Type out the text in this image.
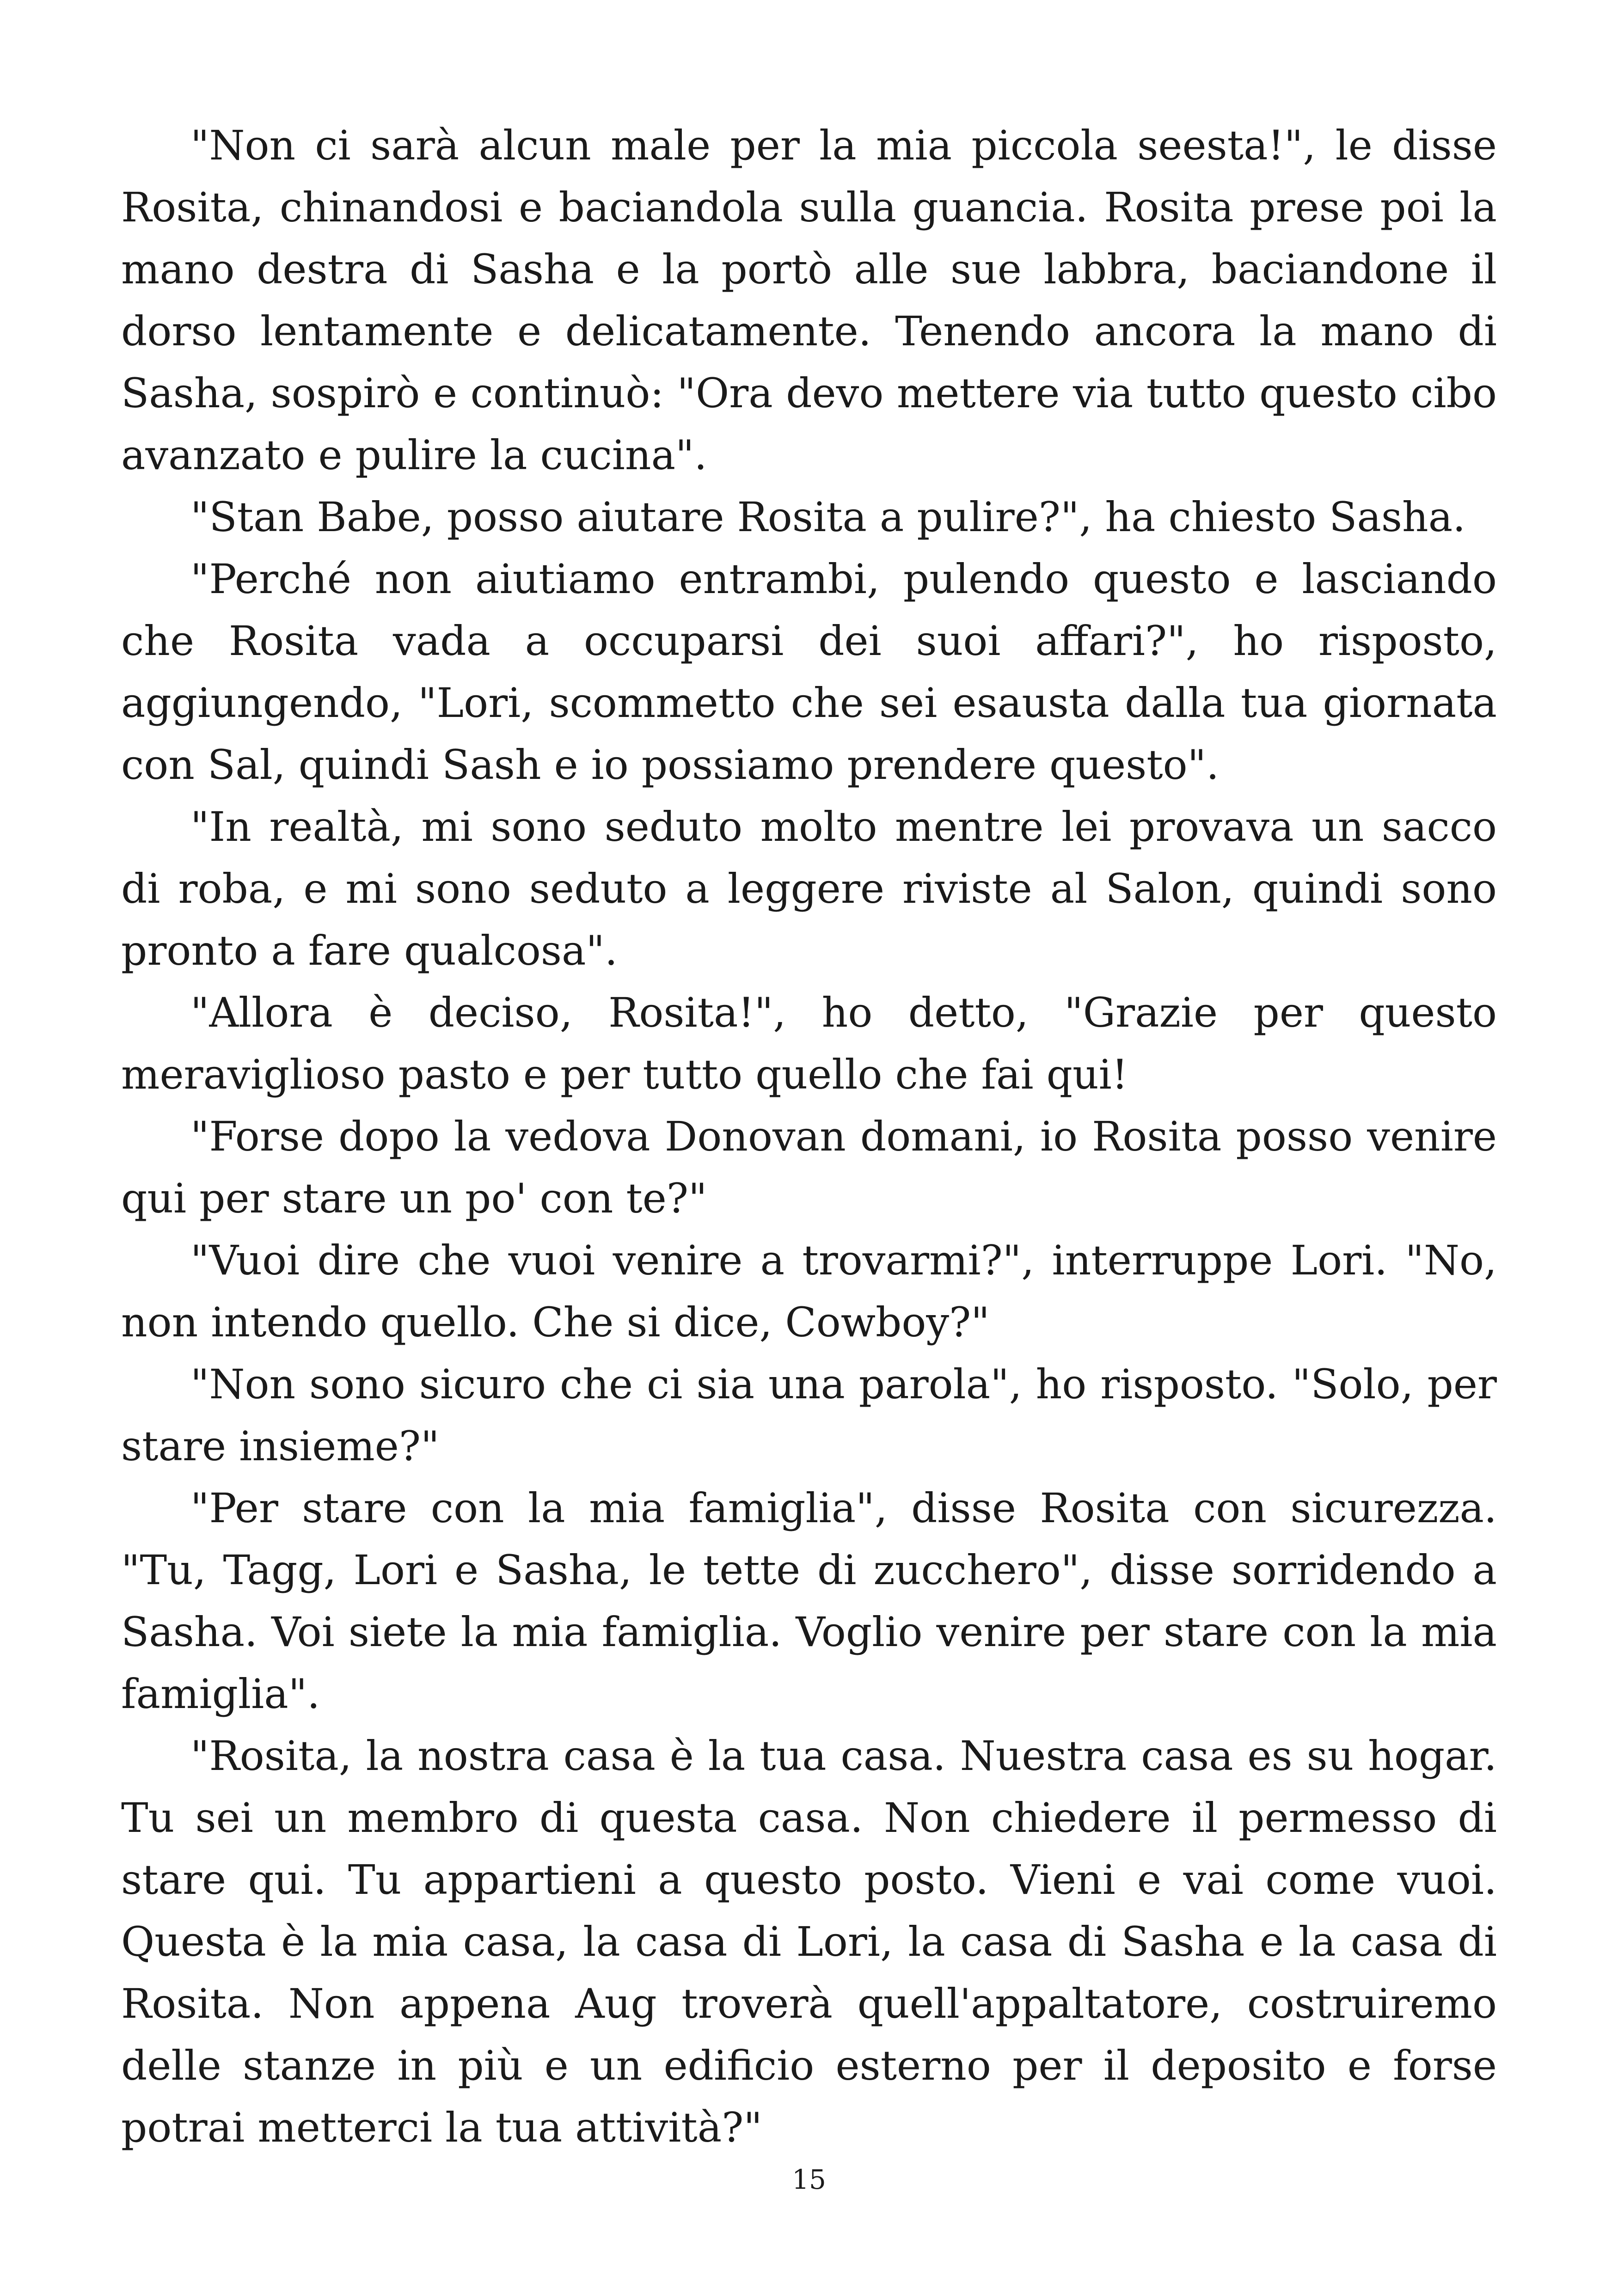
"Non ci sarà alcun male per la mia piccola seesta!", le disse Rosita, chinandosi e baciandola sulla guancia. Rosita prese poi la mano destra di Sasha e la portò alle sue labbra, baciandone il dorso lentamente e delicatamente. Tenendo ancora la mano di Sasha, sospirò e continuò: "Ora devo mettere via tutto questo cibo avanzato e pulire la cucina".

"Stan Babe, posso aiutare Rosita a pulire?", ha chiesto Sasha.

"Perché non aiutiamo entrambi, pulendo questo e lasciando che Rosita vada a occuparsi dei suoi affari?", ho risposto, aggiungendo, "Lori, scommetto che sei esausta dalla tua giornata con Sal, quindi Sash e io possiamo prendere questo".

"In realtà, mi sono seduto molto mentre lei provava un sacco di roba, e mi sono seduto a leggere riviste al Salon, quindi sono pronto a fare qualcosa".

"Allora è deciso, Rosita!", ho detto, "Grazie per questo meraviglioso pasto e per tutto quello che fai qui!

"Forse dopo la vedova Donovan domani, io Rosita posso venire qui per stare un po' con te?"

"Vuoi dire che vuoi venire a trovarmi?", interruppe Lori. "No, non intendo quello. Che si dice, Cowboy?"

"Non sono sicuro che ci sia una parola", ho risposto. "Solo, per stare insieme?"

"Per stare con la mia famiglia", disse Rosita con sicurezza. "Tu, Tagg, Lori e Sasha, le tette di zucchero", disse sorridendo a Sasha. Voi siete la mia famiglia. Voglio venire per stare con la mia famiglia".

"Rosita, la nostra casa è la tua casa. Nuestra casa es su hogar. Tu sei un membro di questa casa. Non chiedere il permesso di stare qui. Tu appartieni a questo posto. Vieni e vai come vuoi. Questa è la mia casa, la casa di Lori, la casa di Sasha e la casa di Rosita. Non appena Aug troverà quell'appaltatore, costruiremo delle stanze in più e un edificio esterno per il deposito e forse potrai metterci la tua attività?"

15
